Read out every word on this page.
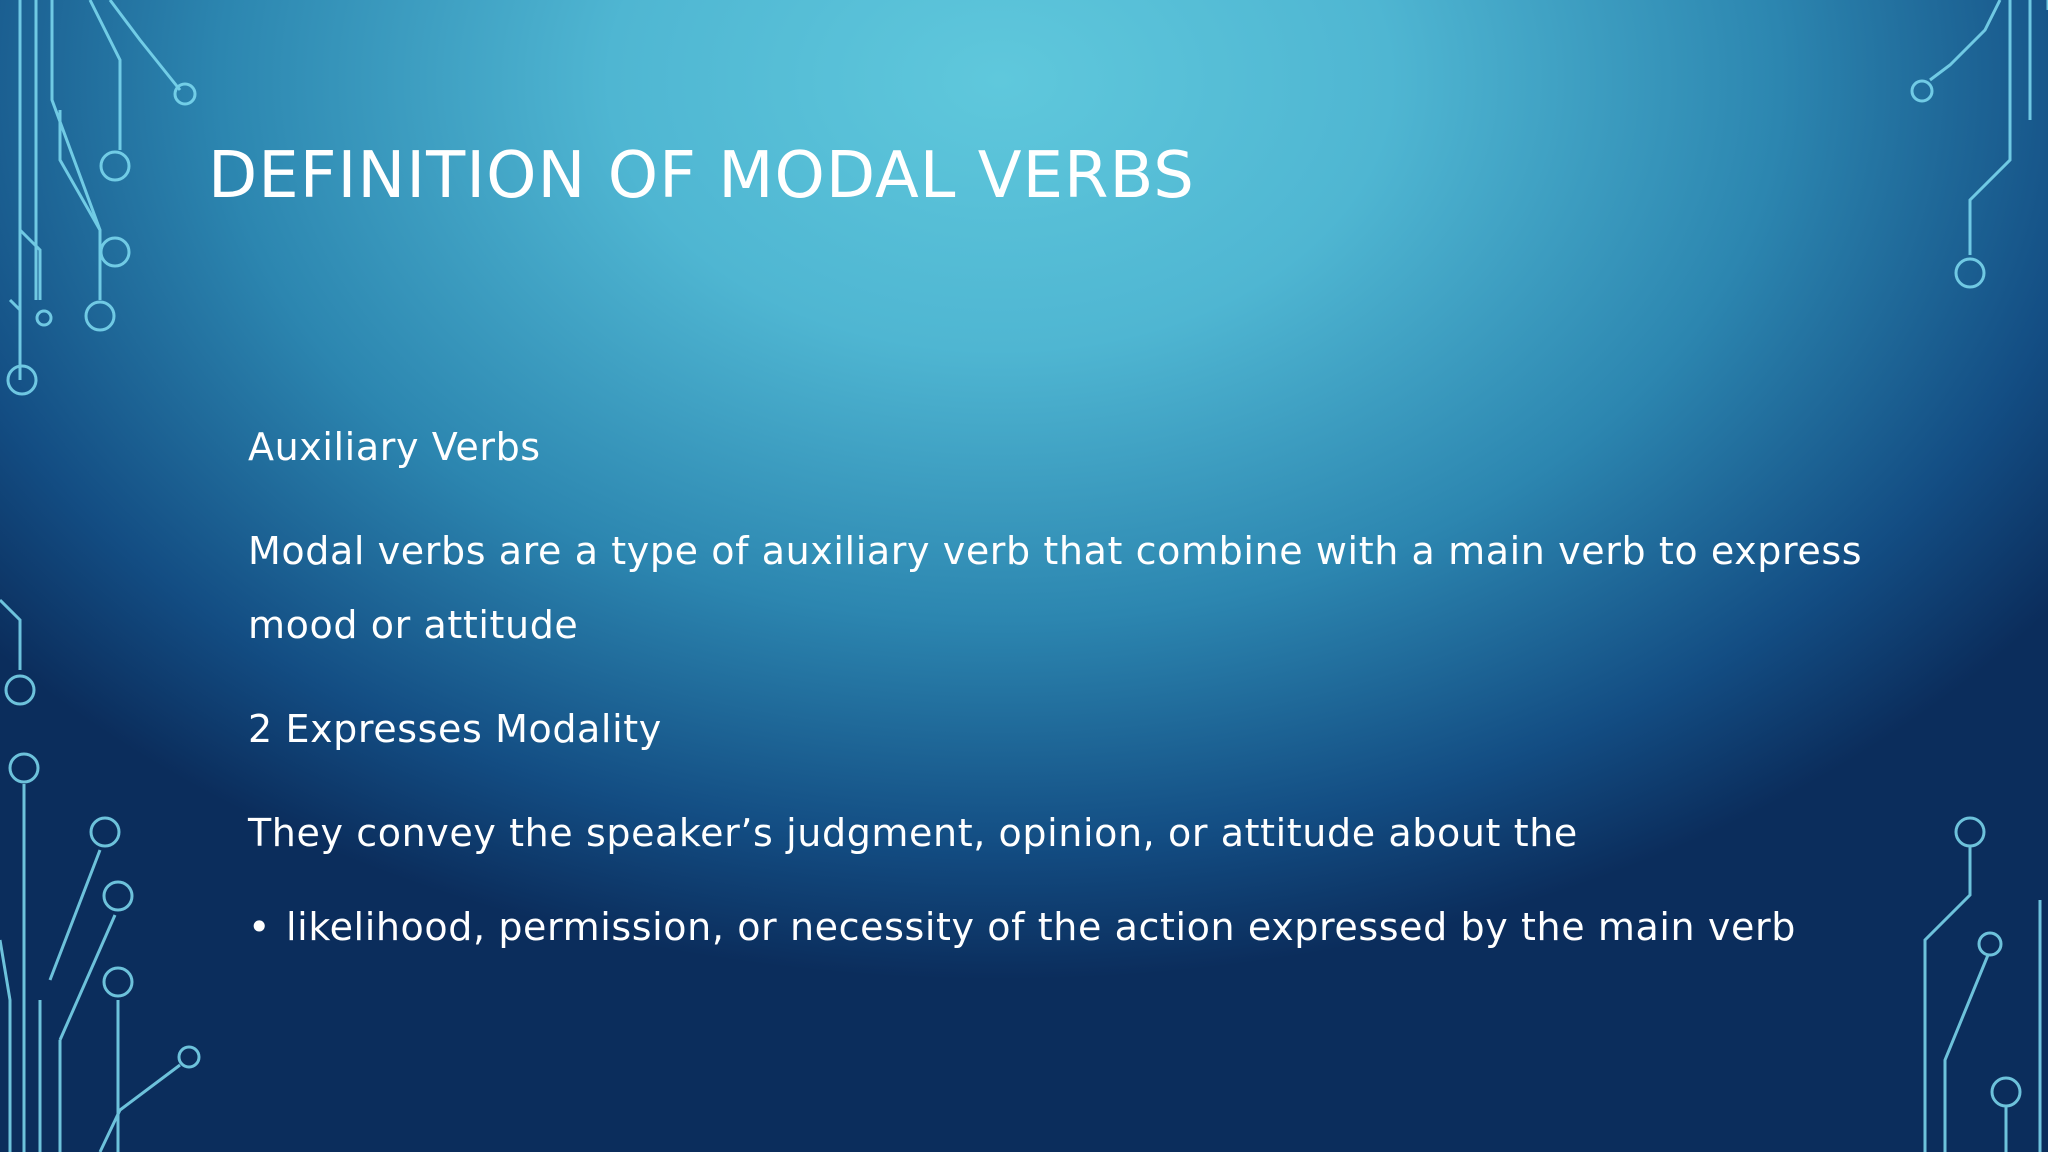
DEFINITION OF MODAL VERBS

Auxiliary Verbs

Modal verbs are a type of auxiliary verb that combine with a main verb to express mood or attitude

2 Expresses Modality

They convey the speaker’s judgment, opinion, or attitude about the

• likelihood, permission, or necessity of the action expressed by the main verb
